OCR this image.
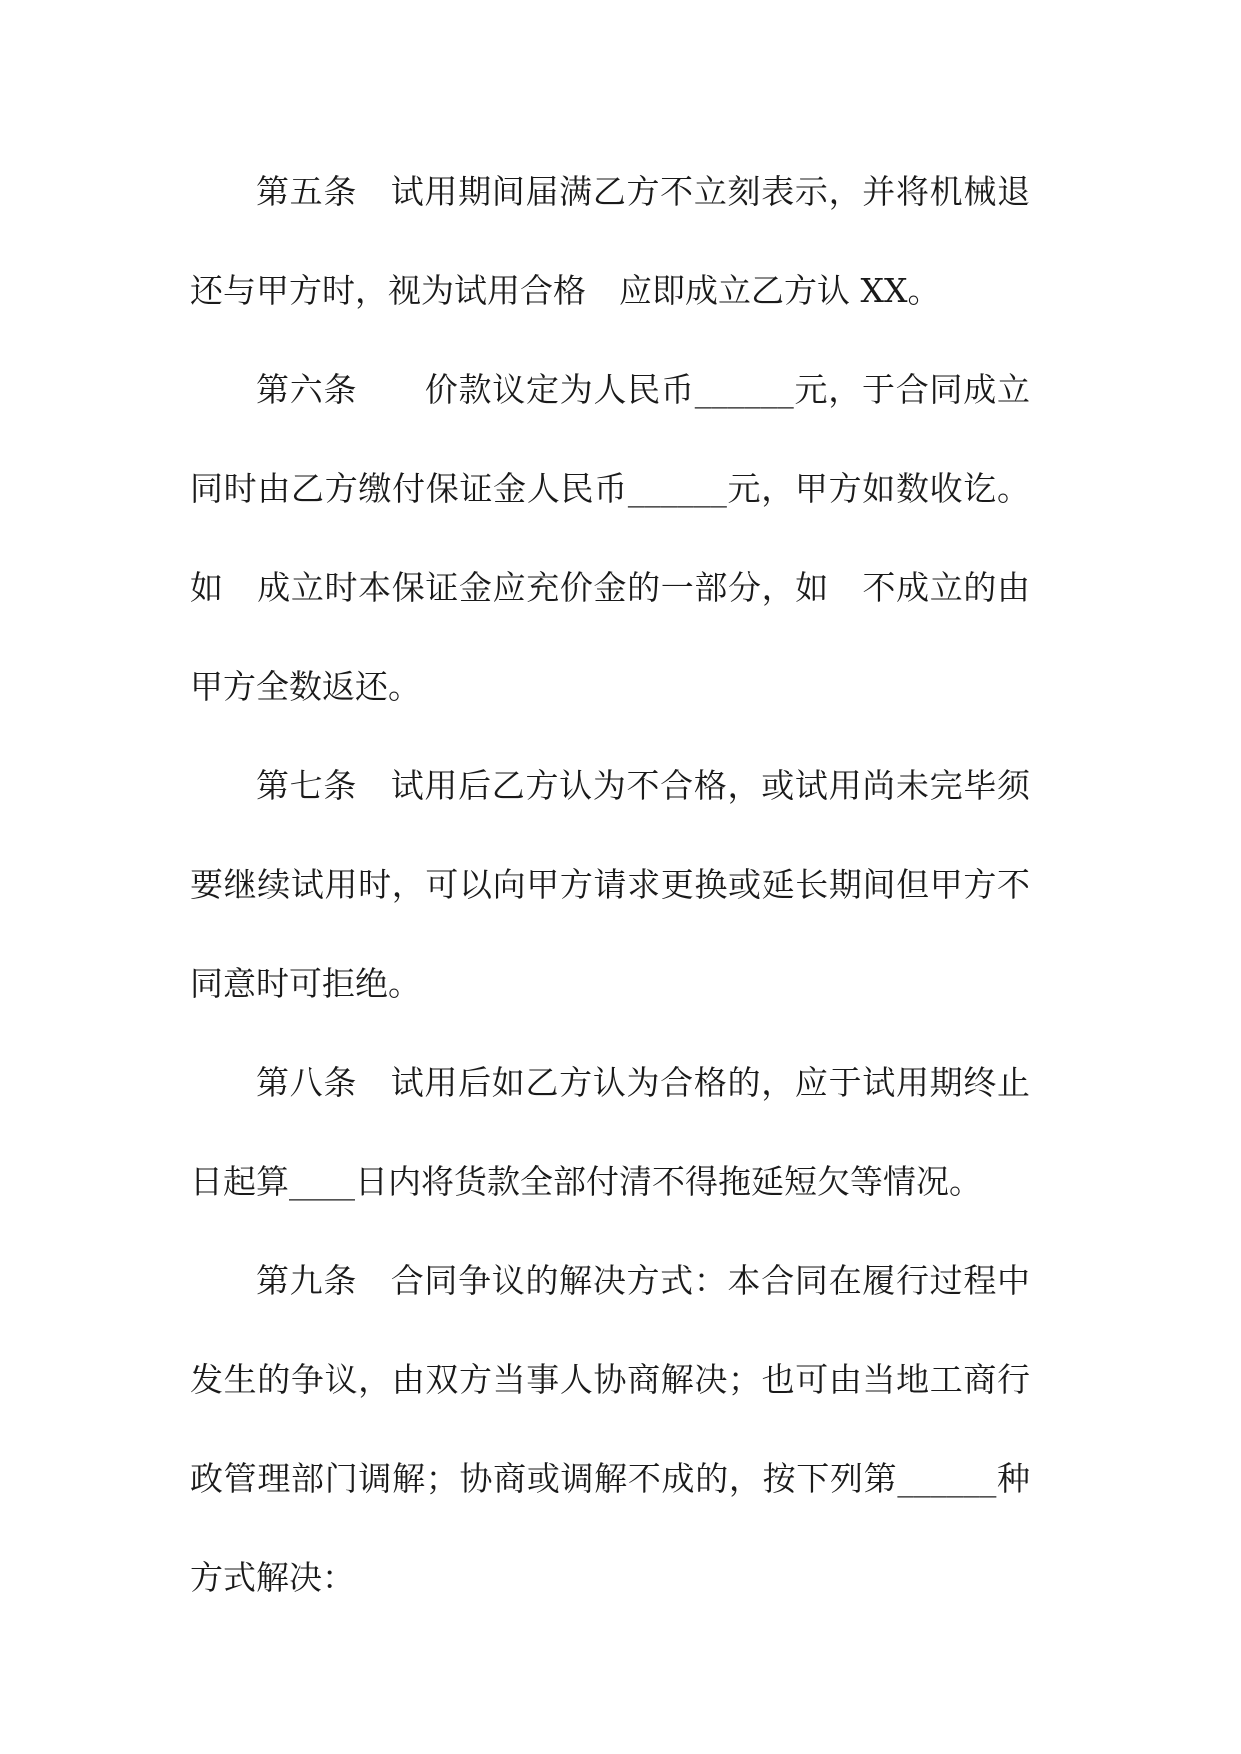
第五条　试用期间届满乙方不立刻表示，并将机械退
还与甲方时，视为试用合格　应即成立乙方认 XX。
第六条　　价款议定为人民币______元，于合同成立
同时由乙方缴付保证金人民币______元，甲方如数收讫。
如　成立时本保证金应充价金的一部分，如　不成立的由
甲方全数返还。
第七条　试用后乙方认为不合格，或试用尚未完毕须
要继续试用时，可以向甲方请求更换或延长期间但甲方不
同意时可拒绝。
第八条　试用后如乙方认为合格的，应于试用期终止
日起算____日内将货款全部付清不得拖延短欠等情况。
第九条　合同争议的解决方式：本合同在履行过程中
发生的争议，由双方当事人协商解决；也可由当地工商行
政管理部门调解；协商或调解不成的，按下列第______种
方式解决：
